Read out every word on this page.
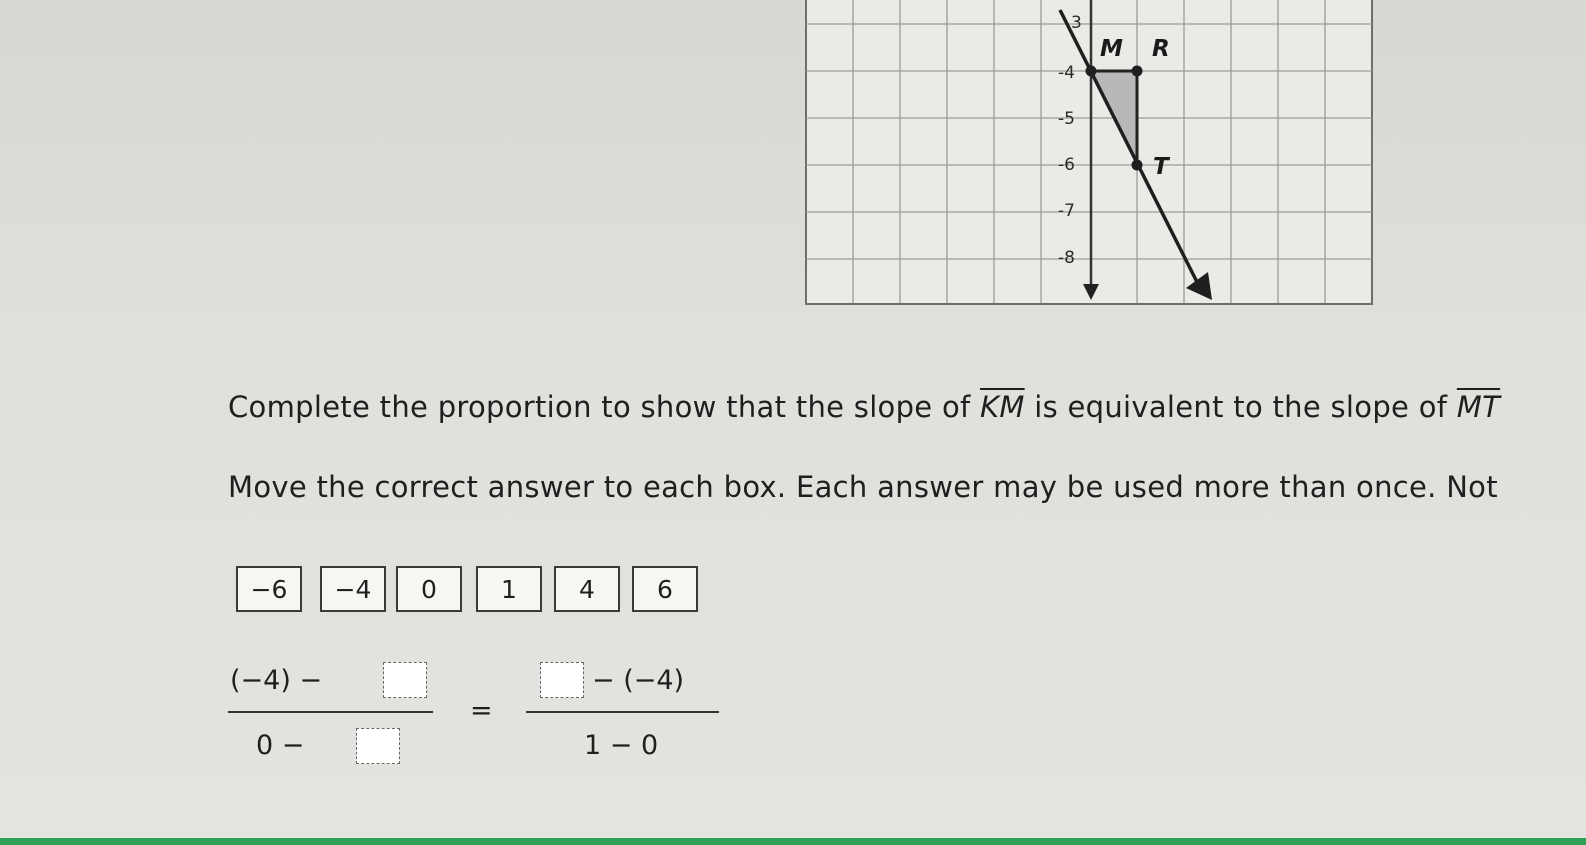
3
-4
-5
-6
-7
-8
M R
T
Complete the proportion to show that the slope of $\overline{KM}$ is equivalent to the slope of $\overline{MT}$
Move the correct answer to each box. Each answer may be used more than once. Not
−6	−4	0	1	4	6
(−4) −
0 −
=
− (−4)
1 − 0
